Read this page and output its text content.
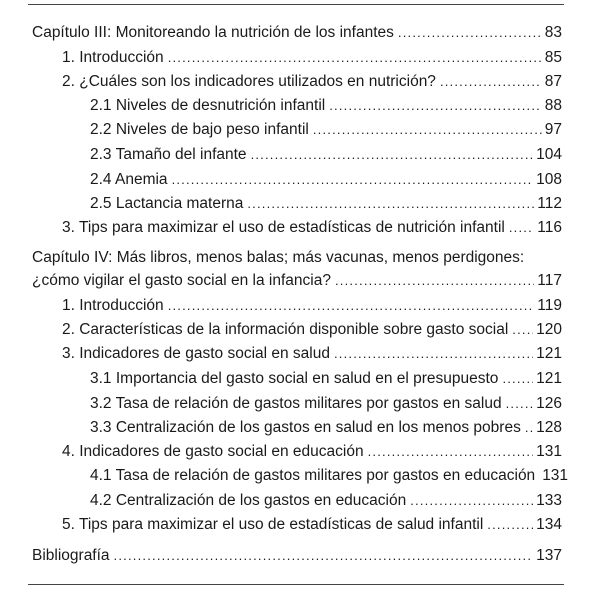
Capítulo III: Monitoreando la nutrición de los infantes .....	83
1. Introducción .....	85
2. ¿Cuáles son los indicadores utilizados en nutrición? .....	87
2.1 Niveles de desnutrición infantil .....	88
2.2 Niveles de bajo peso infantil .....	97
2.3 Tamaño del infante .....	104
2.4 Anemia .....	108
2.5 Lactancia materna .....	112
3. Tips para maximizar el uso de estadísticas de nutrición infantil ..... 116
Capítulo IV: Más libros, menos balas; más vacunas, menos perdigones:
¿cómo vigilar el gasto social en la infancia? .....	117
1. Introducción .....	119
2. Características de la información disponible sobre gasto social ..... 120
3. Indicadores de gasto social en salud .....	121
3.1 Importancia del gasto social en salud en el presupuesto ..... 121
3.2 Tasa de relación de gastos militares por gastos en salud ..... 126
3.3 Centralización de los gastos en salud en los menos pobres ..... 128
4. Indicadores de gasto social en educación .....	131
4.1 Tasa de relación de gastos militares por gastos en educación 131
4.2 Centralización de los gastos en educación .....	133
5. Tips para maximizar el uso de estadísticas de salud infantil .....	134
Bibliografía .....	137
